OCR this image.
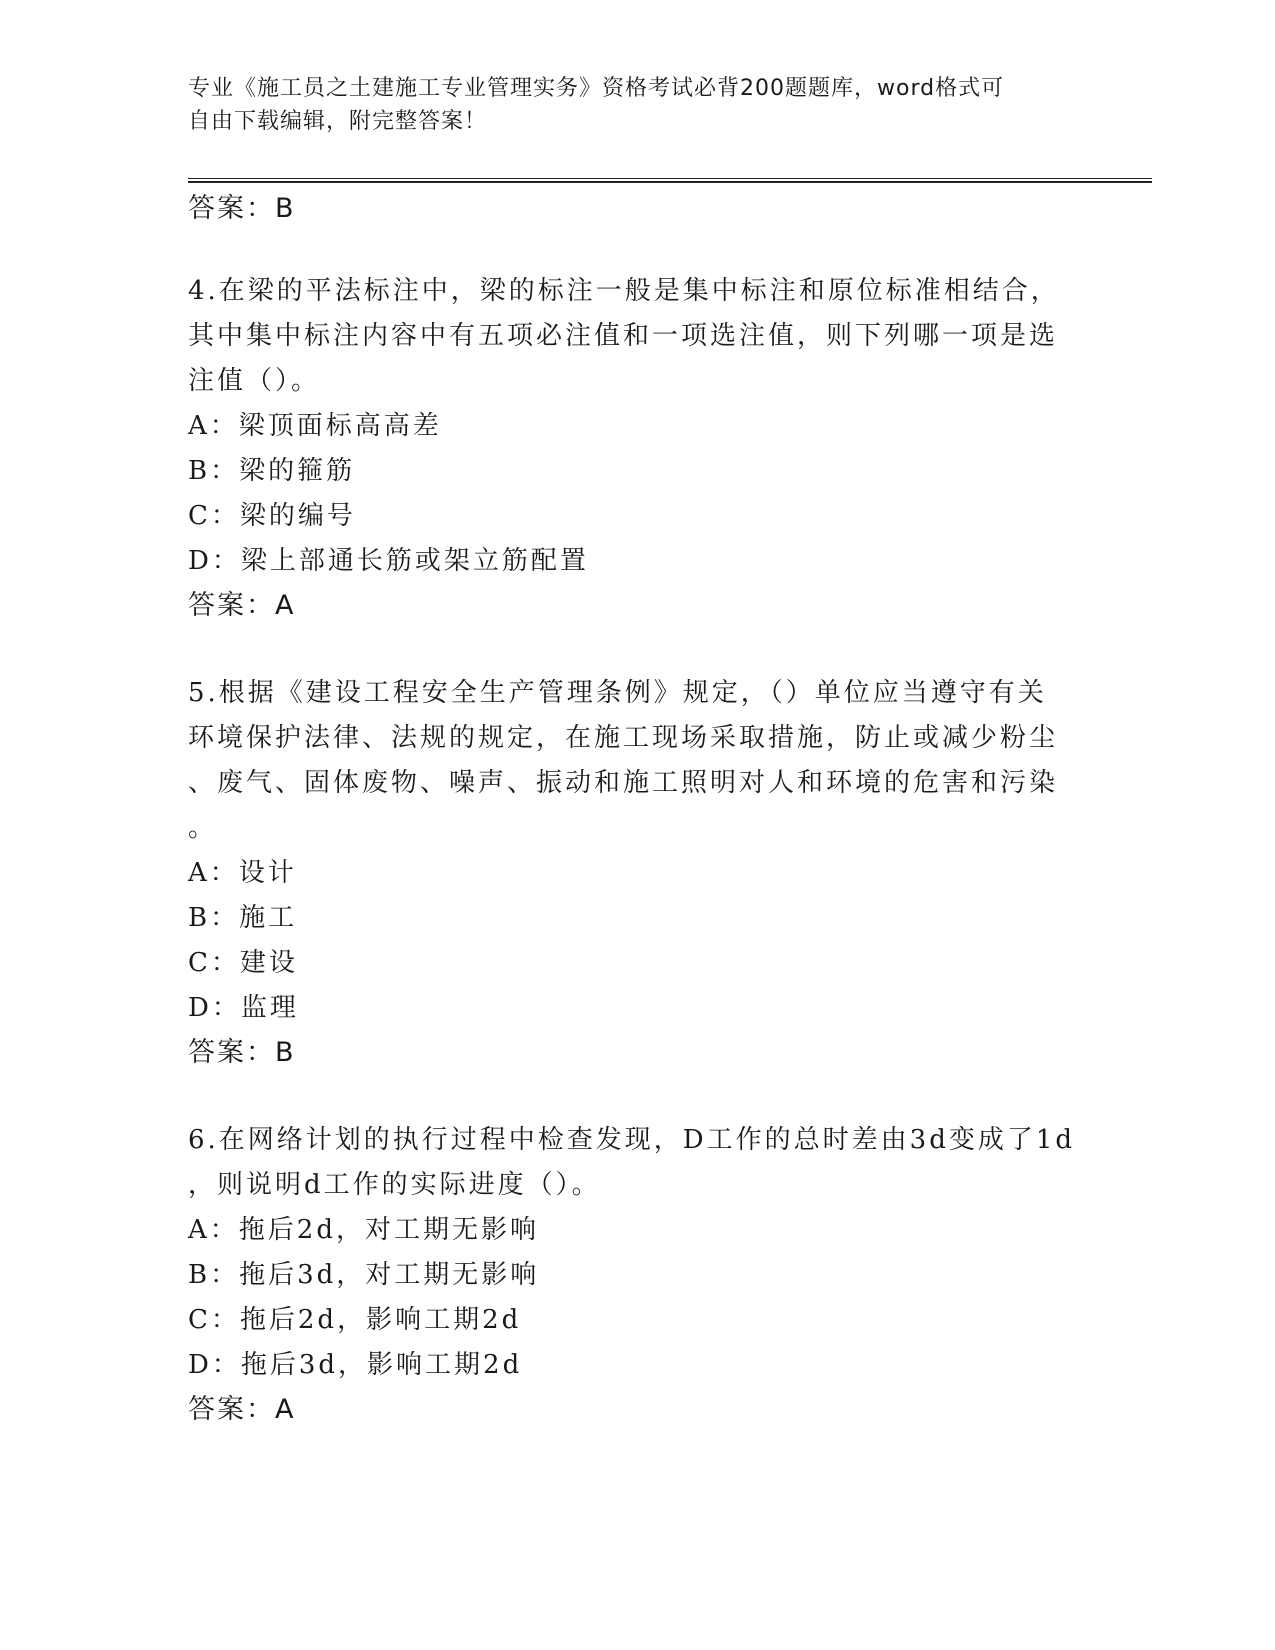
专业《施工员之土建施工专业管理实务》资格考试必背200题题库，word格式可
自由下载编辑，附完整答案！
答案：B
4.在梁的平法标注中，梁的标注一般是集中标注和原位标准相结合，
其中集中标注内容中有五项必注值和一项选注值，则下列哪一项是选
注值（）。
A：梁顶面标高高差
B：梁的箍筋
C：梁的编号
D：梁上部通长筋或架立筋配置
答案：A
5.根据《建设工程安全生产管理条例》规定，（）单位应当遵守有关
环境保护法律、法规的规定，在施工现场采取措施，防止或减少粉尘
、废气、固体废物、噪声、振动和施工照明对人和环境的危害和污染
。
A：设计
B：施工
C：建设
D：监理
答案：B
6.在网络计划的执行过程中检查发现，D工作的总时差由3d变成了1d
，则说明d工作的实际进度（）。
A：拖后2d，对工期无影响
B：拖后3d，对工期无影响
C：拖后2d，影响工期2d
D：拖后3d，影响工期2d
答案：A
